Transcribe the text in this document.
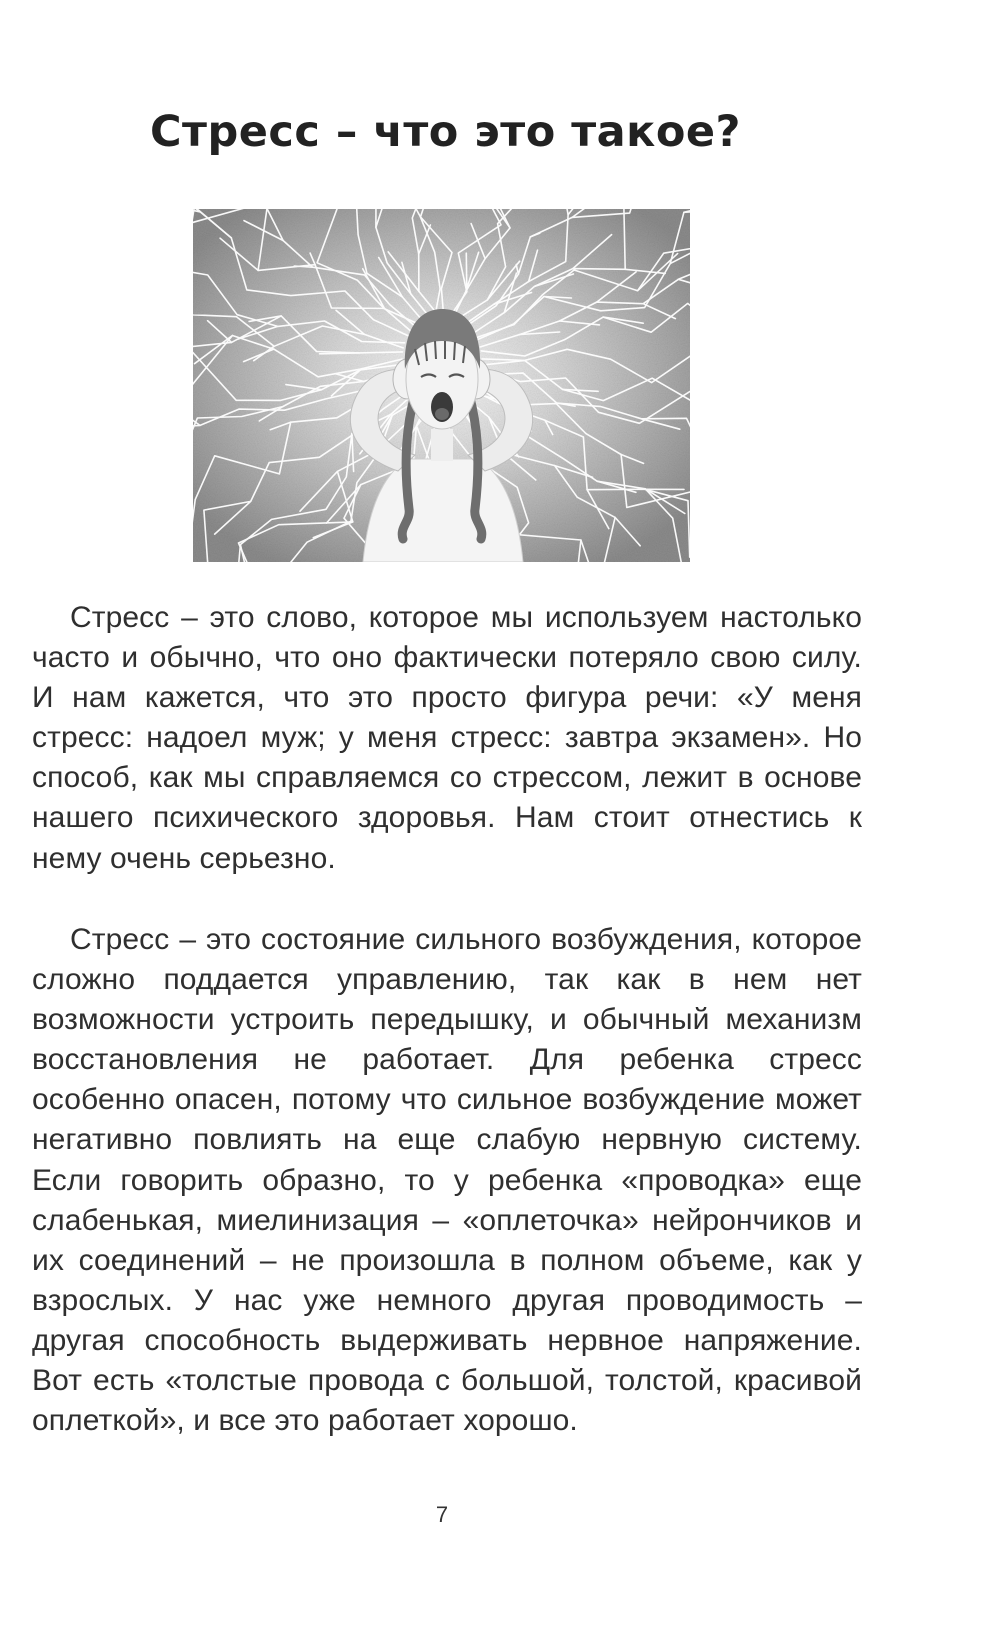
Стресс – что это такое?

Стресс – это слово, которое мы используем настолько часто и обычно, что оно фактически потеряло свою силу. И нам кажется, что это просто фигура речи: «У меня стресс: надоел муж; у меня стресс: завтра экзамен». Но способ, как мы справляемся со стрессом, лежит в основе нашего психического здоровья. Нам стоит отнестись к нему очень серьезно.

Стресс – это состояние сильного возбуждения, которое сложно поддается управлению, так как в нем нет возможности устроить передышку, и обычный механизм восстановления не работает. Для ребенка стресс особенно опасен, потому что сильное возбуждение может негативно повлиять на еще слабую нервную систему. Если говорить образно, то у ребенка «проводка» еще слабенькая, миелинизация – «оплеточка» нейрончиков и их соединений – не произошла в полном объеме, как у взрослых. У нас уже немного другая проводимость – другая способность выдерживать нервное напряжение. Вот есть «толстые провода с большой, толстой, красивой оплеткой», и все это работает хорошо.

7
